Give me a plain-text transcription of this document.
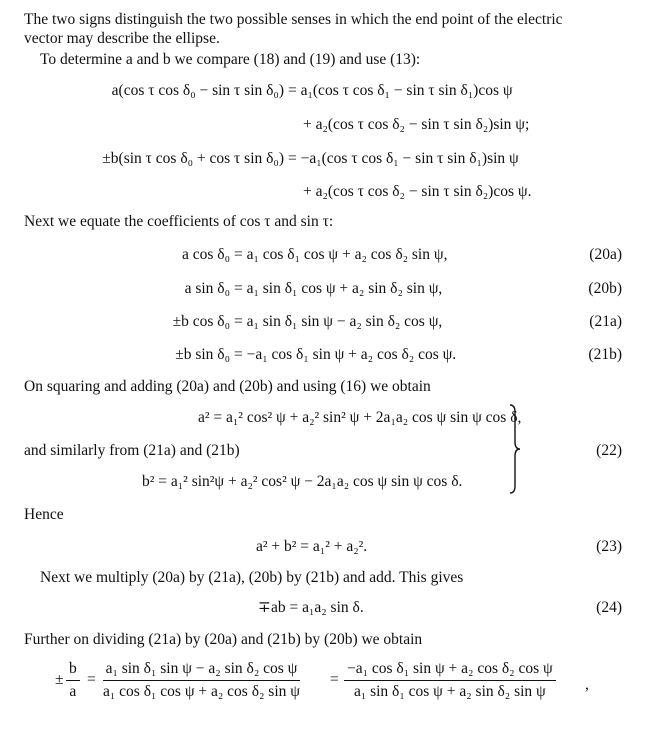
The two signs distinguish the two possible senses in which the end point of the electric
vector may describe the ellipse.
To determine a and b we compare (18) and (19) and use (13):
a(cos τ cos δ₀ − sin τ sin δ₀) = a₁(cos τ cos δ₁ − sin τ sin δ₁)cos ψ
+ a₂(cos τ cos δ₂ − sin τ sin δ₂)sin ψ;
±b(sin τ cos δ₀ + cos τ sin δ₀) = −a₁(cos τ cos δ₁ − sin τ sin δ₁)sin ψ
+ a₂(cos τ cos δ₂ − sin τ sin δ₂)cos ψ.
Next we equate the coefficients of cos τ and sin τ:
a cos δ₀ = a₁ cos δ₁ cos ψ + a₂ cos δ₂ sin ψ,	(20a)
a sin δ₀ = a₁ sin δ₁ cos ψ + a₂ sin δ₂ sin ψ,	(20b)
±b cos δ₀ = a₁ sin δ₁ sin ψ − a₂ sin δ₂ cos ψ,	(21a)
±b sin δ₀ = −a₁ cos δ₁ sin ψ + a₂ cos δ₂ cos ψ.	(21b)
On squaring and adding (20a) and (20b) and using (16) we obtain
a² = a₁² cos² ψ + a₂² sin² ψ + 2a₁a₂ cos ψ sin ψ cos δ,
and similarly from (21a) and (21b)
b² = a₁² sin²ψ + a₂² cos² ψ − 2a₁a₂ cos ψ sin ψ cos δ.
(22)
Hence
a² + b² = a₁² + a₂².	(23)
Next we multiply (20a) by (21a), (20b) by (21b) and add. This gives
∓ab = a₁a₂ sin δ.	(24)
Further on dividing (21a) by (20a) and (21b) by (20b) we obtain
± $\frac{b}{a} = \frac{\text{a₁ sin δ₁ sin ψ − a₂ sin δ₂ cos ψ}}{\text{a₁ cos δ₁ cos ψ + a₂ cos δ₂ sin ψ}} = \frac{\text{−a₁ cos δ₁ sin ψ + a₂ cos δ₂ cos ψ}}{\text{a₁ sin δ₁ cos ψ + a₂ sin δ₂ sin ψ}}$ ,
